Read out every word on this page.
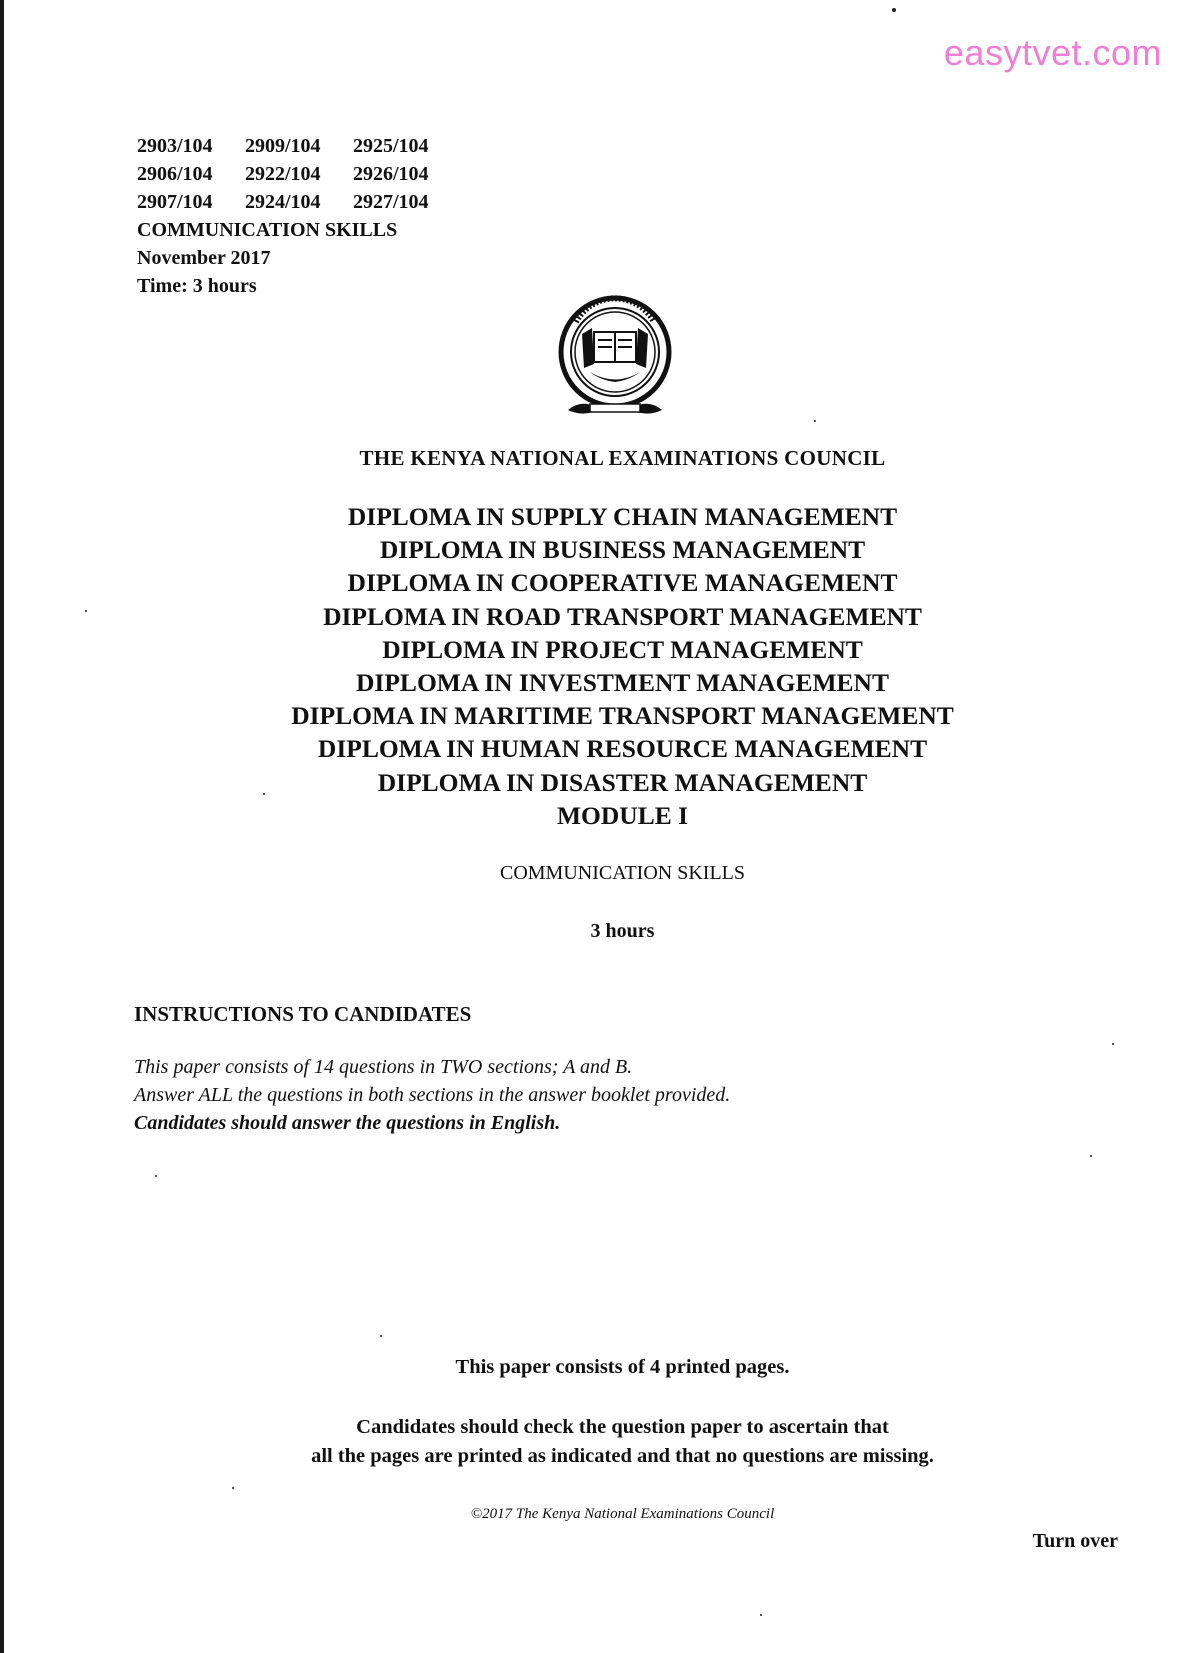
easytvet.com
2903/104	2909/104	2925/104
2906/104	2922/104	2926/104
2907/104	2924/104	2927/104
COMMUNICATION SKILLS
November 2017
Time: 3 hours
THE KENYA NATIONAL EXAMINATIONS COUNCIL
DIPLOMA IN SUPPLY CHAIN MANAGEMENT
DIPLOMA IN BUSINESS MANAGEMENT
DIPLOMA IN COOPERATIVE MANAGEMENT
DIPLOMA IN ROAD TRANSPORT MANAGEMENT
DIPLOMA IN PROJECT MANAGEMENT
DIPLOMA IN INVESTMENT MANAGEMENT
DIPLOMA IN MARITIME TRANSPORT MANAGEMENT
DIPLOMA IN HUMAN RESOURCE MANAGEMENT
DIPLOMA IN DISASTER MANAGEMENT
MODULE I
COMMUNICATION SKILLS
3 hours
INSTRUCTIONS TO CANDIDATES
This paper consists of 14 questions in TWO sections; A and B.
Answer ALL the questions in both sections in the answer booklet provided.
Candidates should answer the questions in English.
This paper consists of 4 printed pages.
Candidates should check the question paper to ascertain that
all the pages are printed as indicated and that no questions are missing.
©2017 The Kenya National Examinations Council
Turn over
